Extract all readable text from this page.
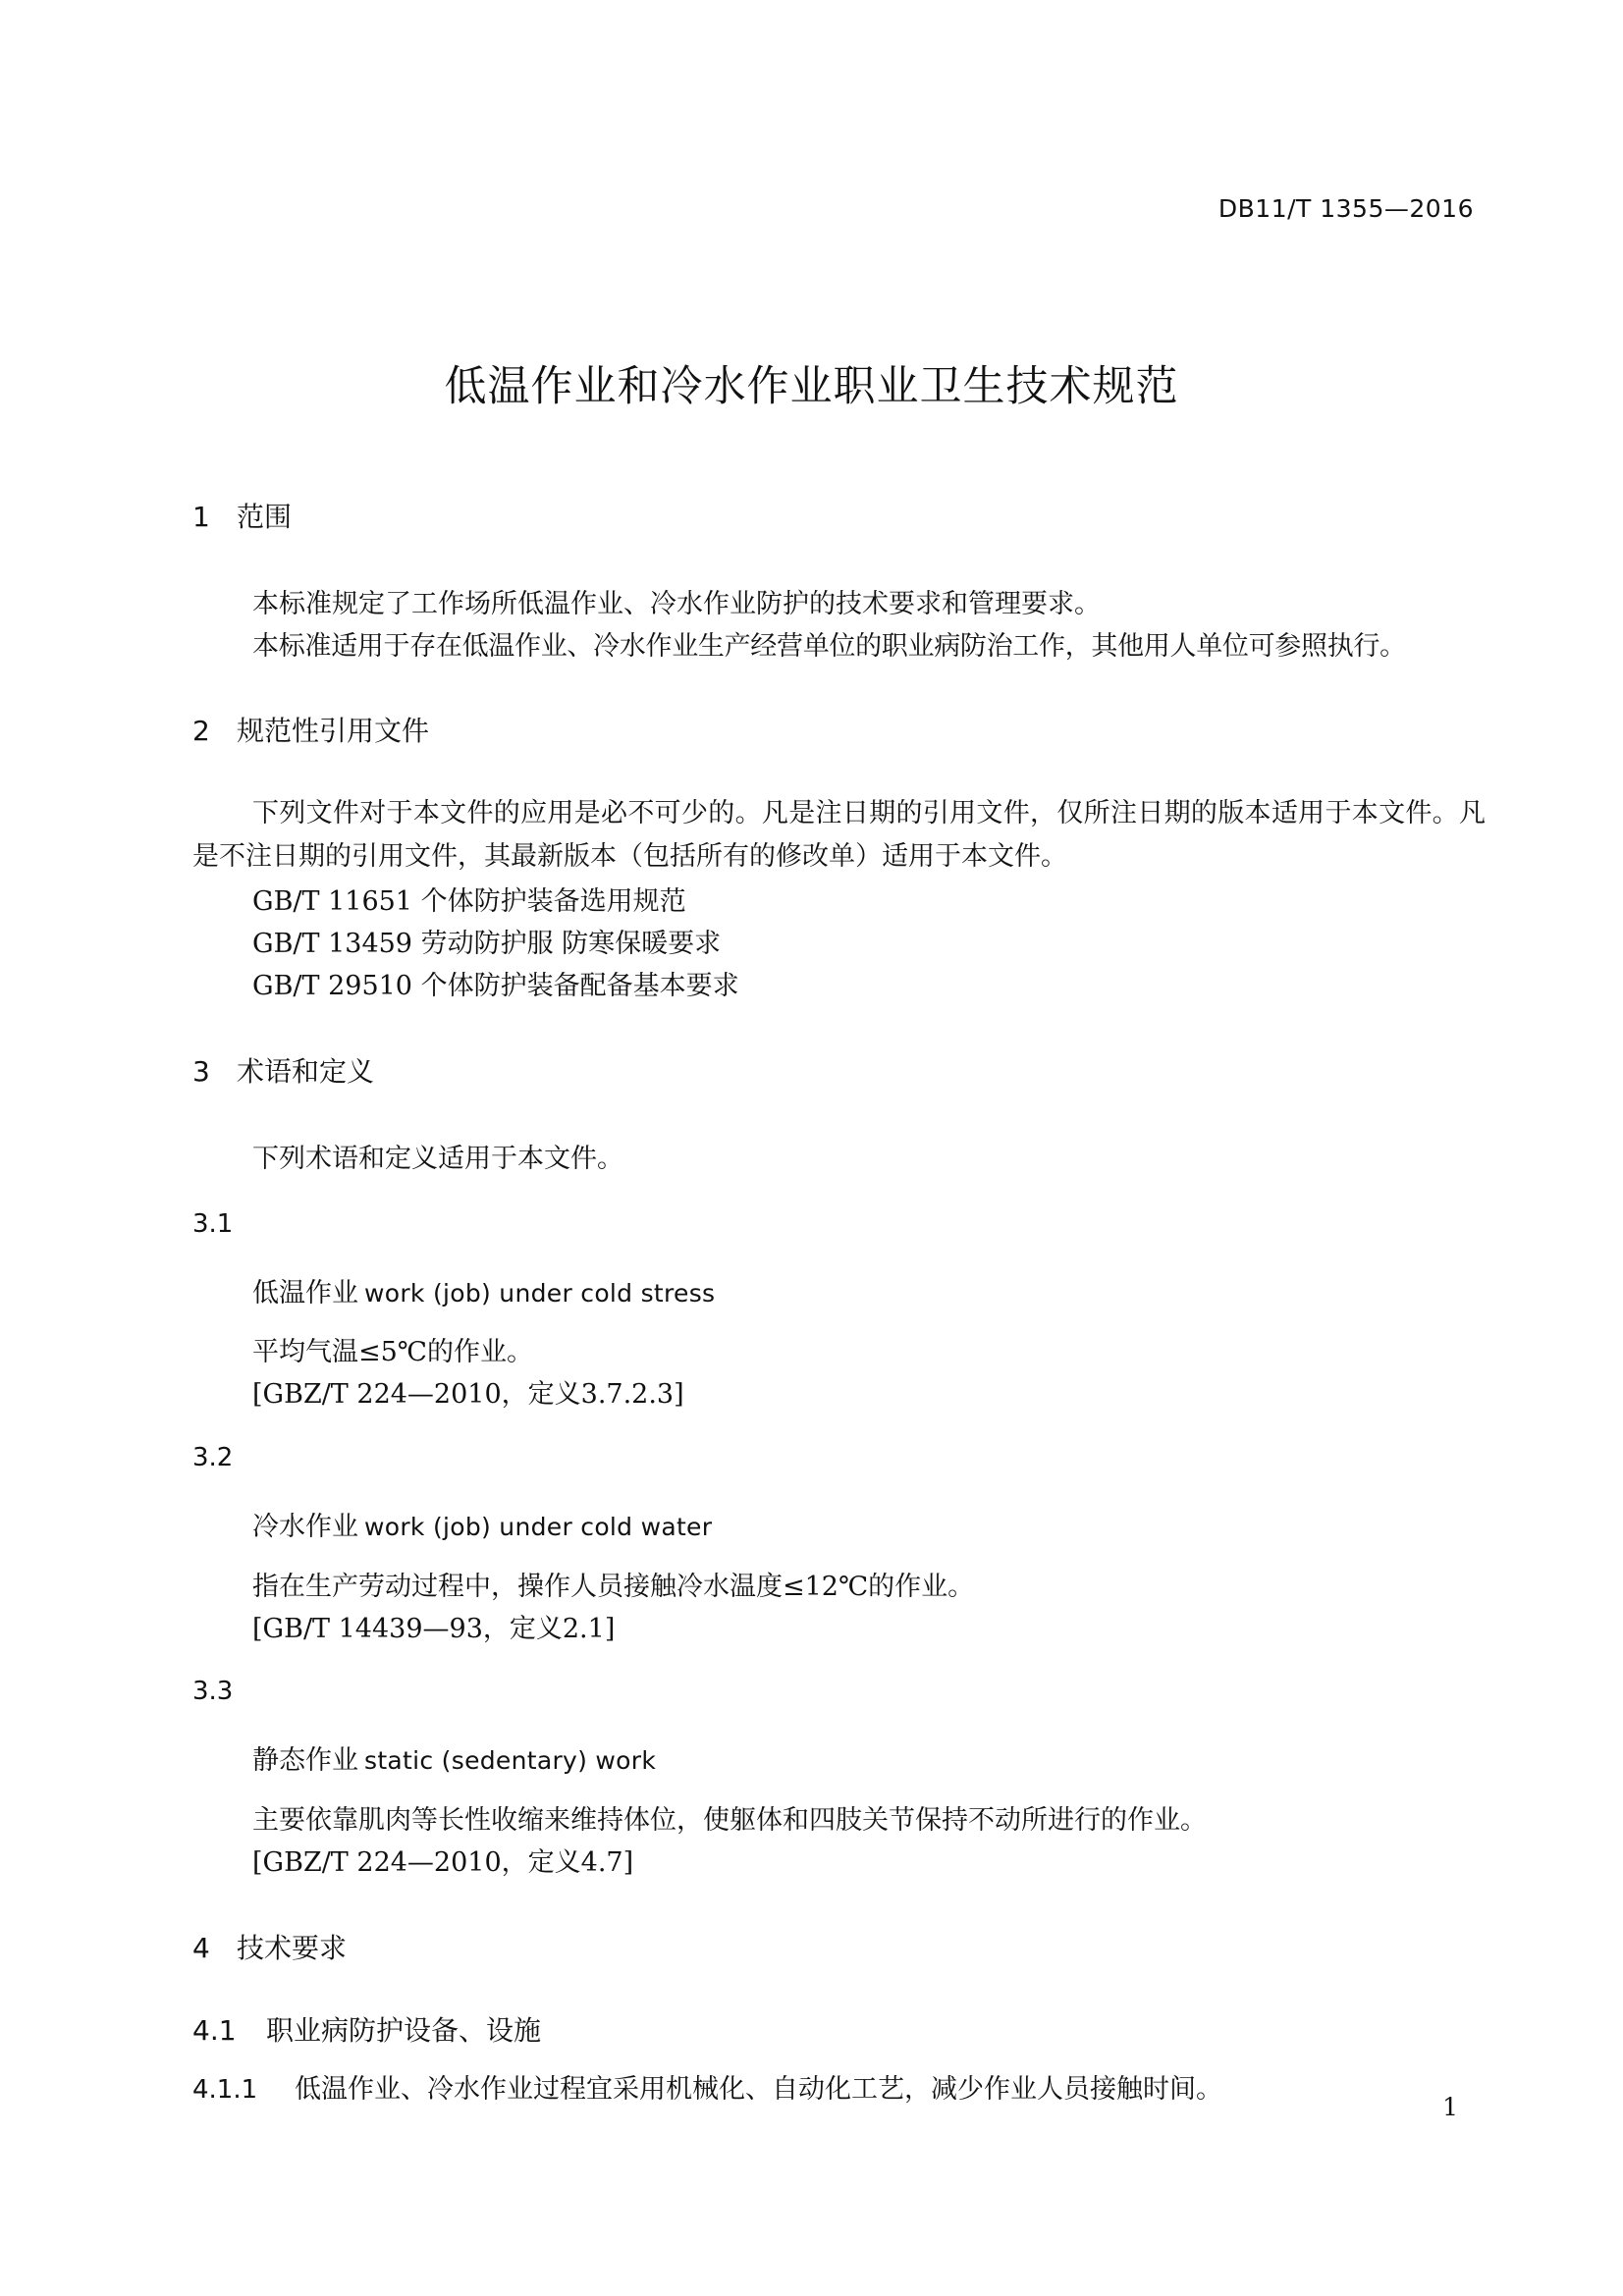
DB11/T 1355—2016
低温作业和冷水作业职业卫生技术规范
1 范围
本标准规定了工作场所低温作业、冷水作业防护的技术要求和管理要求。
本标准适用于存在低温作业、冷水作业生产经营单位的职业病防治工作，其他用人单位可参照执行。
2 规范性引用文件
下列文件对于本文件的应用是必不可少的。凡是注日期的引用文件，仅所注日期的版本适用于本文件。凡是不注日期的引用文件，其最新版本（包括所有的修改单）适用于本文件。
GB/T 11651 个体防护装备选用规范
GB/T 13459 劳动防护服 防寒保暖要求
GB/T 29510 个体防护装备配备基本要求
3 术语和定义
下列术语和定义适用于本文件。
3.1
低温作业 work (job) under cold stress
平均气温≤5℃的作业。
[GBZ/T 224—2010，定义3.7.2.3]
3.2
冷水作业 work (job) under cold water
指在生产劳动过程中，操作人员接触冷水温度≤12℃的作业。
[GB/T 14439—93，定义2.1]
3.3
静态作业 static (sedentary) work
主要依靠肌肉等长性收缩来维持体位，使躯体和四肢关节保持不动所进行的作业。
[GBZ/T 224—2010，定义4.7]
4 技术要求
4.1 职业病防护设备、设施
4.1.1 低温作业、冷水作业过程宜采用机械化、自动化工艺，减少作业人员接触时间。
1
